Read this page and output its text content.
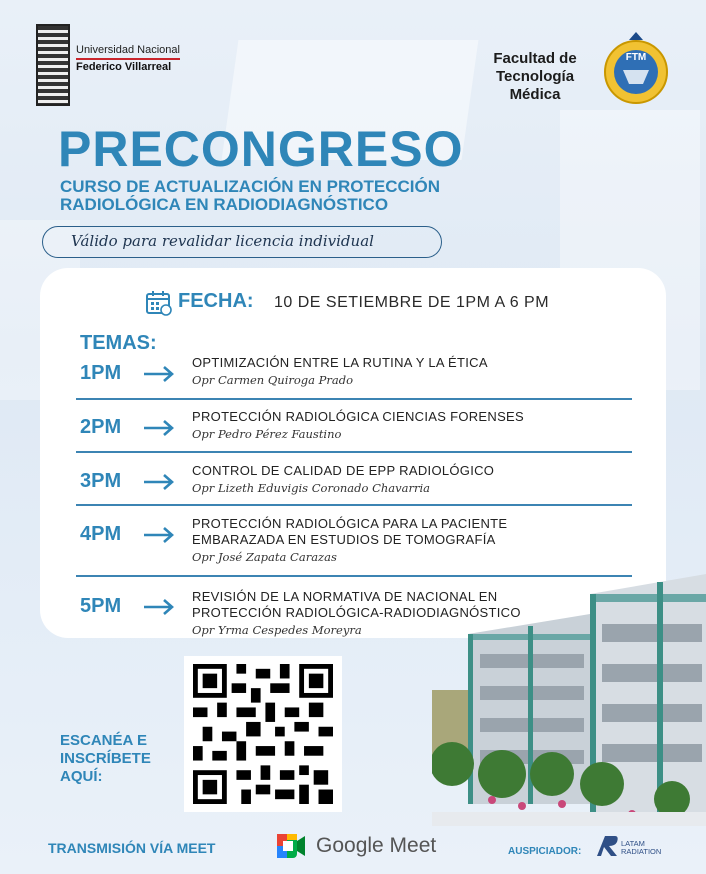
Universidad Nacional
Federico Villarreal	Facultad de
Tecnología Médica
FTM
PRECONGRESO
CURSO DE ACTUALIZACIÓN EN PROTECCIÓN
RADIOLÓGICA EN RADIODIAGNÓSTICO
Válido para revalidar licencia individual
FECHA: 10 DE SETIEMBRE DE 1PM A 6 PM
TEMAS:
1PM	OPTIMIZACIÓN ENTRE LA RUTINA Y LA ÉTICA
Opr Carmen Quiroga Prado
2PM	PROTECCIÓN RADIOLÓGICA CIENCIAS FORENSES
Opr Pedro Pérez Faustino
3PM	CONTROL DE CALIDAD DE EPP RADIOLÓGICO
Opr Lizeth Eduvigis Coronado Chavarria
4PM	PROTECCIÓN RADIOLÓGICA PARA LA PACIENTE
EMBARAZADA EN ESTUDIOS DE TOMOGRAFÍA
Opr José Zapata Carazas
5PM	REVISIÓN DE LA NORMATIVA DE NACIONAL EN
PROTECCIÓN RADIOLÓGICA-RADIODIAGNÓSTICO
Opr Yrma Cespedes Moreyra
ESCANÉA E
INSCRÍBETE
AQUÍ:
TRANSMISIÓN VÍA MEET	Google Meet	AUSPICIADOR:
LATAM
RADIATION
